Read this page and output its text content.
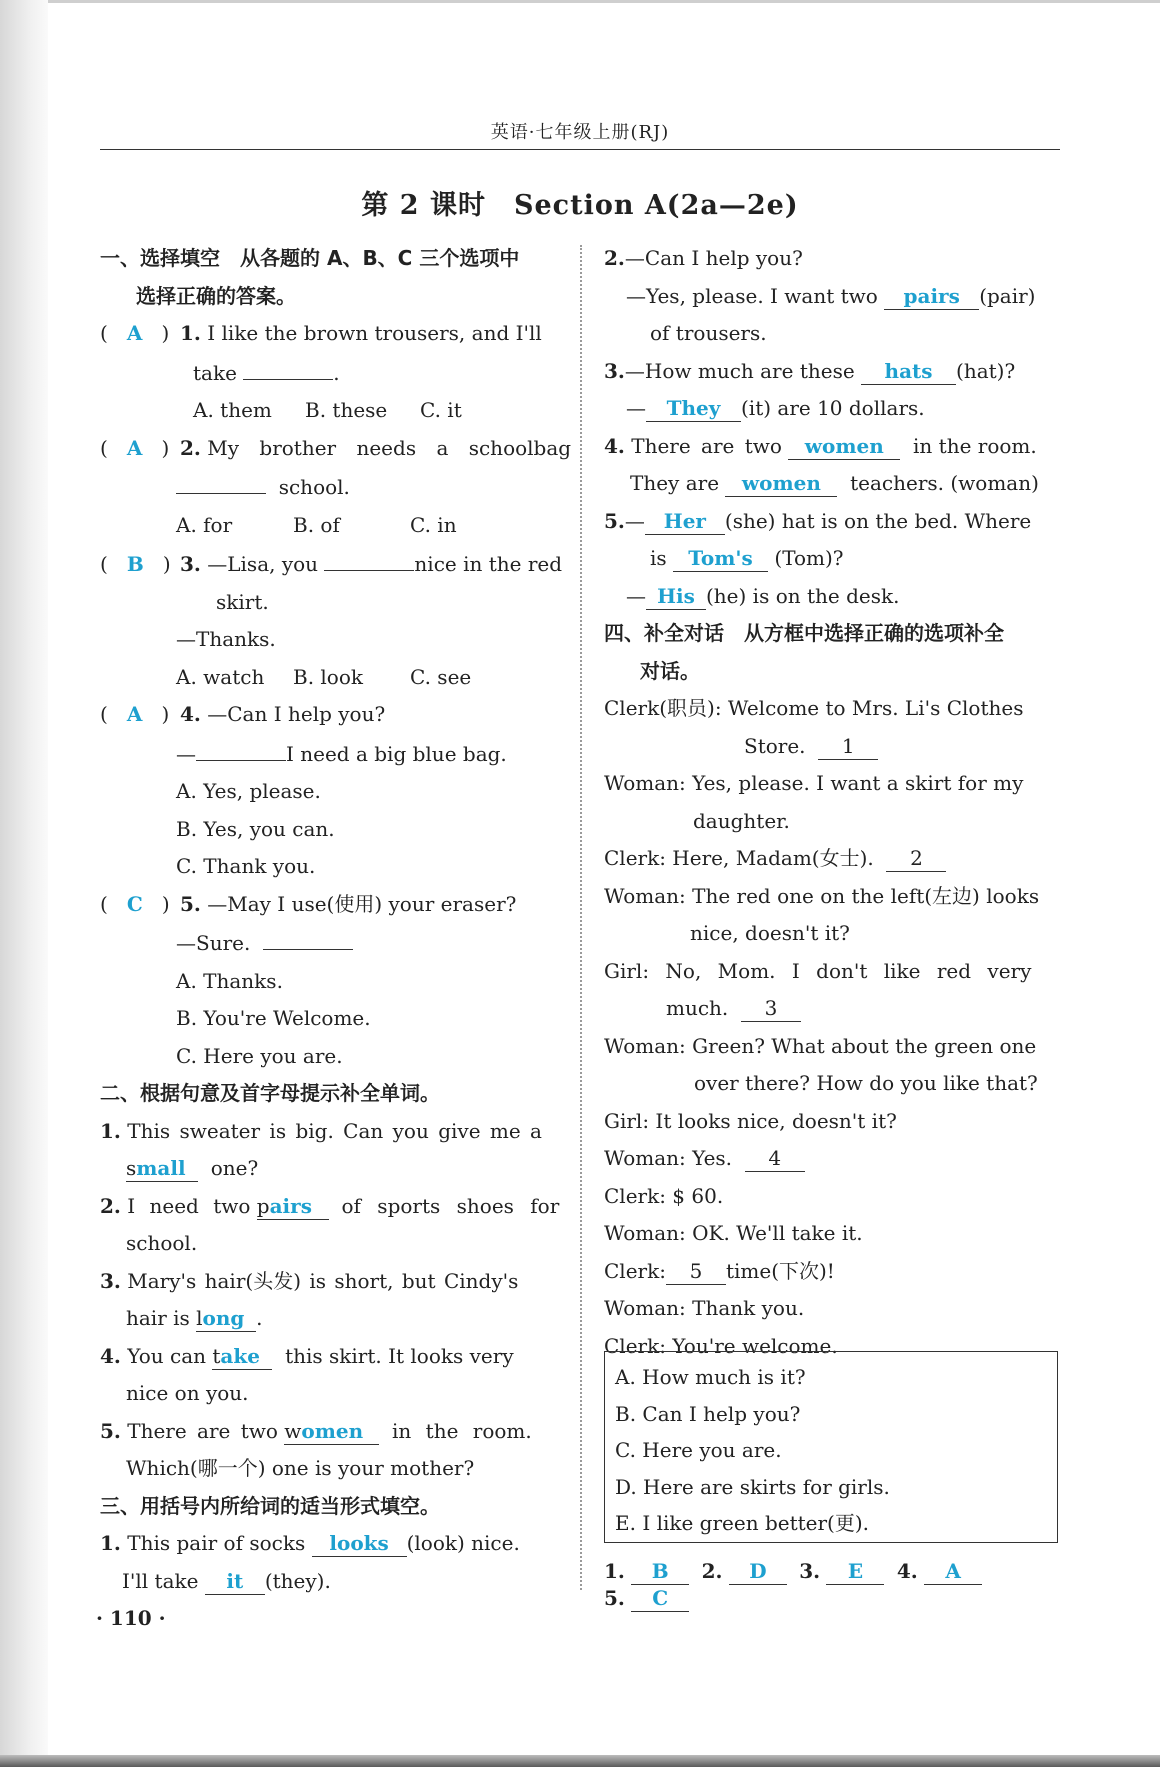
英语·七年级上册(RJ)
第 2 课时　Section A(2a—2e)
一、选择填空　从各题的 A、B、C 三个选项中
选择正确的答案。
(   A   ) 1. I like the brown trousers, and I'll
take	.
A. them B. these C. it
(   A   ) 2. My brother needs a schoolbag
school.
A. for	B. of	C. in
(   B   ) 3. —Lisa, you	nice in the red
skirt.
—Thanks.
A. watch B. look C. see
(   A   ) 4. —Can I help you?
—	I need a big blue bag.
A. Yes, please.
B. Yes, you can.
C. Thank you.
(   C   ) 5. —May I use(使用) your eraser?
—Sure.
A. Thanks.
B. You're Welcome.
C. Here you are.
二、根据句意及首字母提示补全单词。
1. This sweater is big. Can you give me a
small one?
2. I need two pairs of sports shoes for
school.
3. Mary's hair(头发) is short, but Cindy's
hair is long .
4. You can take this skirt. It looks very
nice on you.
5. There are two women in the room.
Which(哪一个) one is your mother?
三、用括号内所给词的适当形式填空。
1. This pair of socks looks (look) nice.
I'll take it (they).
2.—Can I help you?
—Yes, please. I want two pairs (pair)
of trousers.
3.—How much are these hats (hat)?
— They (it) are 10 dollars.
4. There are two women in the room.
They are women teachers. (woman)
5.— Her (she) hat is on the bed. Where
is Tom's (Tom)?
— His (he) is on the desk.
四、补全对话　从方框中选择正确的选项补全
对话。
Clerk(职员): Welcome to Mrs. Li's Clothes
Store. 1
Woman: Yes, please. I want a skirt for my
daughter.
Clerk: Here, Madam(女士). 2
Woman: The red one on the left(左边) looks
nice, doesn't it?
Girl: No, Mom. I don't like red very
much. 3
Woman: Green? What about the green one
over there? How do you like that?
Girl: It looks nice, doesn't it?
Woman: Yes. 4
Clerk: $ 60.
Woman: OK. We'll take it.
Clerk: 5 time(下次)!
Woman: Thank you.
Clerk: You're welcome.
A. How much is it?
B. Can I help you?
C. Here you are.
D. Here are skirts for girls.
E. I like green better(更).
1. B 2. D 3. E 4. A 5. C
· 110 ·
